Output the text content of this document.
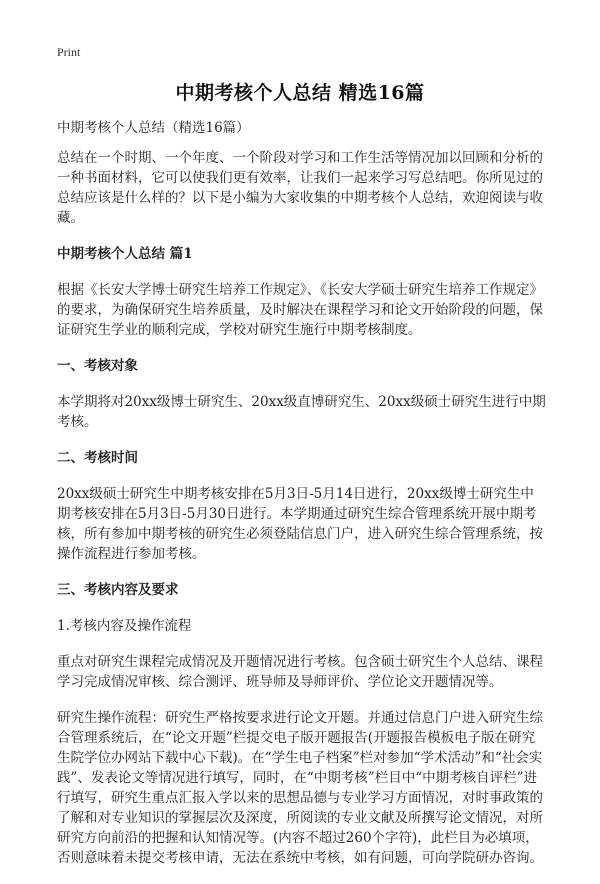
Print
中期考核个人总结 精选16篇

中期考核个人总结（精选16篇）

总结在一个时期、一个年度、一个阶段对学习和工作生活等情况加以回顾和分析的一种书面材料，它可以使我们更有效率，让我们一起来学习写总结吧。你所见过的总结应该是什么样的？以下是小编为大家收集的中期考核个人总结，欢迎阅读与收藏。

中期考核个人总结 篇1

根据《长安大学博士研究生培养工作规定》、《长安大学硕士研究生培养工作规定》的要求，为确保研究生培养质量，及时解决在课程学习和论文开始阶段的问题，保证研究生学业的顺利完成，学校对研究生施行中期考核制度。

一、考核对象

本学期将对20xx级博士研究生、20xx级直博研究生、20xx级硕士研究生进行中期考核。

二、考核时间

20xx级硕士研究生中期考核安排在5月3日-5月14日进行，20xx级博士研究生中期考核安排在5月3日-5月30日进行。本学期通过研究生综合管理系统开展中期考核，所有参加中期考核的研究生必须登陆信息门户，进入研究生综合管理系统，按操作流程进行参加考核。

三、考核内容及要求

1.考核内容及操作流程

重点对研究生课程完成情况及开题情况进行考核。包含硕士研究生个人总结、课程学习完成情况审核、综合测评、班导师及导师评价、学位论文开题情况等。

研究生操作流程：研究生严格按要求进行论文开题。并通过信息门户进入研究生综合管理系统后，在“论文开题”栏提交电子版开题报告(开题报告模板电子版在研究生院学位办网站下载中心下载)。在“学生电子档案”栏对参加“学术活动”和“社会实践”、发表论文等情况进行填写，同时，在“中期考核”栏目中“中期考核自评栏”进行填写，研究生重点汇报入学以来的思想品德与专业学习方面情况，对时事政策的了解和对专业知识的掌握层次及深度，所阅读的专业文献及所撰写论文情况，对所研究方向前沿的把握和认知情况等。(内容不超过260个字符)，此栏目为必填项，否则意味着未提交考核申请，无法在系统中考核，如有问题，可向学院研办咨询。
